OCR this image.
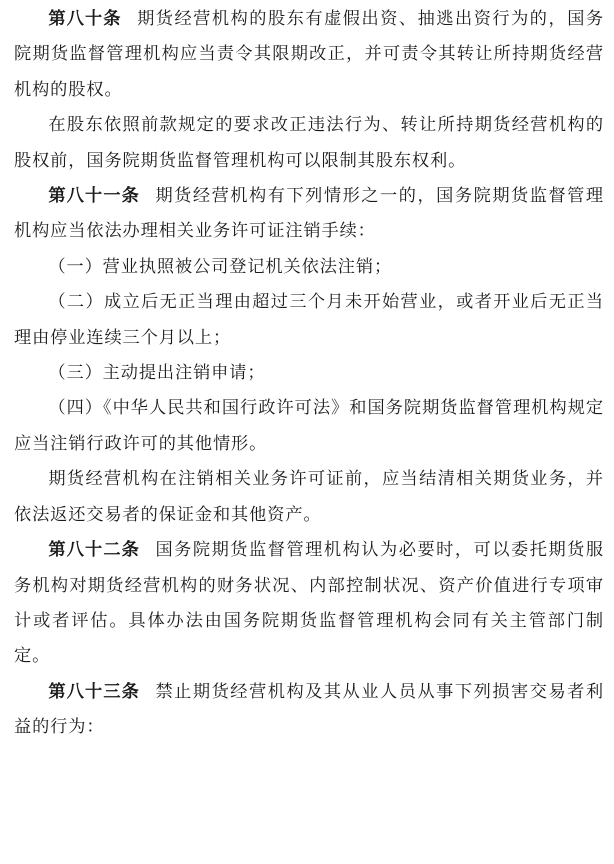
第八十条 期货经营机构的股东有虚假出资、抽逃出资行为的，国务院期货监督管理机构应当责令其限期改正，并可责令其转让所持期货经营机构的股权。

在股东依照前款规定的要求改正违法行为、转让所持期货经营机构的股权前，国务院期货监督管理机构可以限制其股东权利。

第八十一条 期货经营机构有下列情形之一的，国务院期货监督管理机构应当依法办理相关业务许可证注销手续：

（一）营业执照被公司登记机关依法注销；

（二）成立后无正当理由超过三个月未开始营业，或者开业后无正当理由停业连续三个月以上；

（三）主动提出注销申请；

（四）《中华人民共和国行政许可法》和国务院期货监督管理机构规定应当注销行政许可的其他情形。

期货经营机构在注销相关业务许可证前，应当结清相关期货业务，并依法返还交易者的保证金和其他资产。

第八十二条 国务院期货监督管理机构认为必要时，可以委托期货服务机构对期货经营机构的财务状况、内部控制状况、资产价值进行专项审计或者评估。具体办法由国务院期货监督管理机构会同有关主管部门制定。

第八十三条 禁止期货经营机构及其从业人员从事下列损害交易者利益的行为：
